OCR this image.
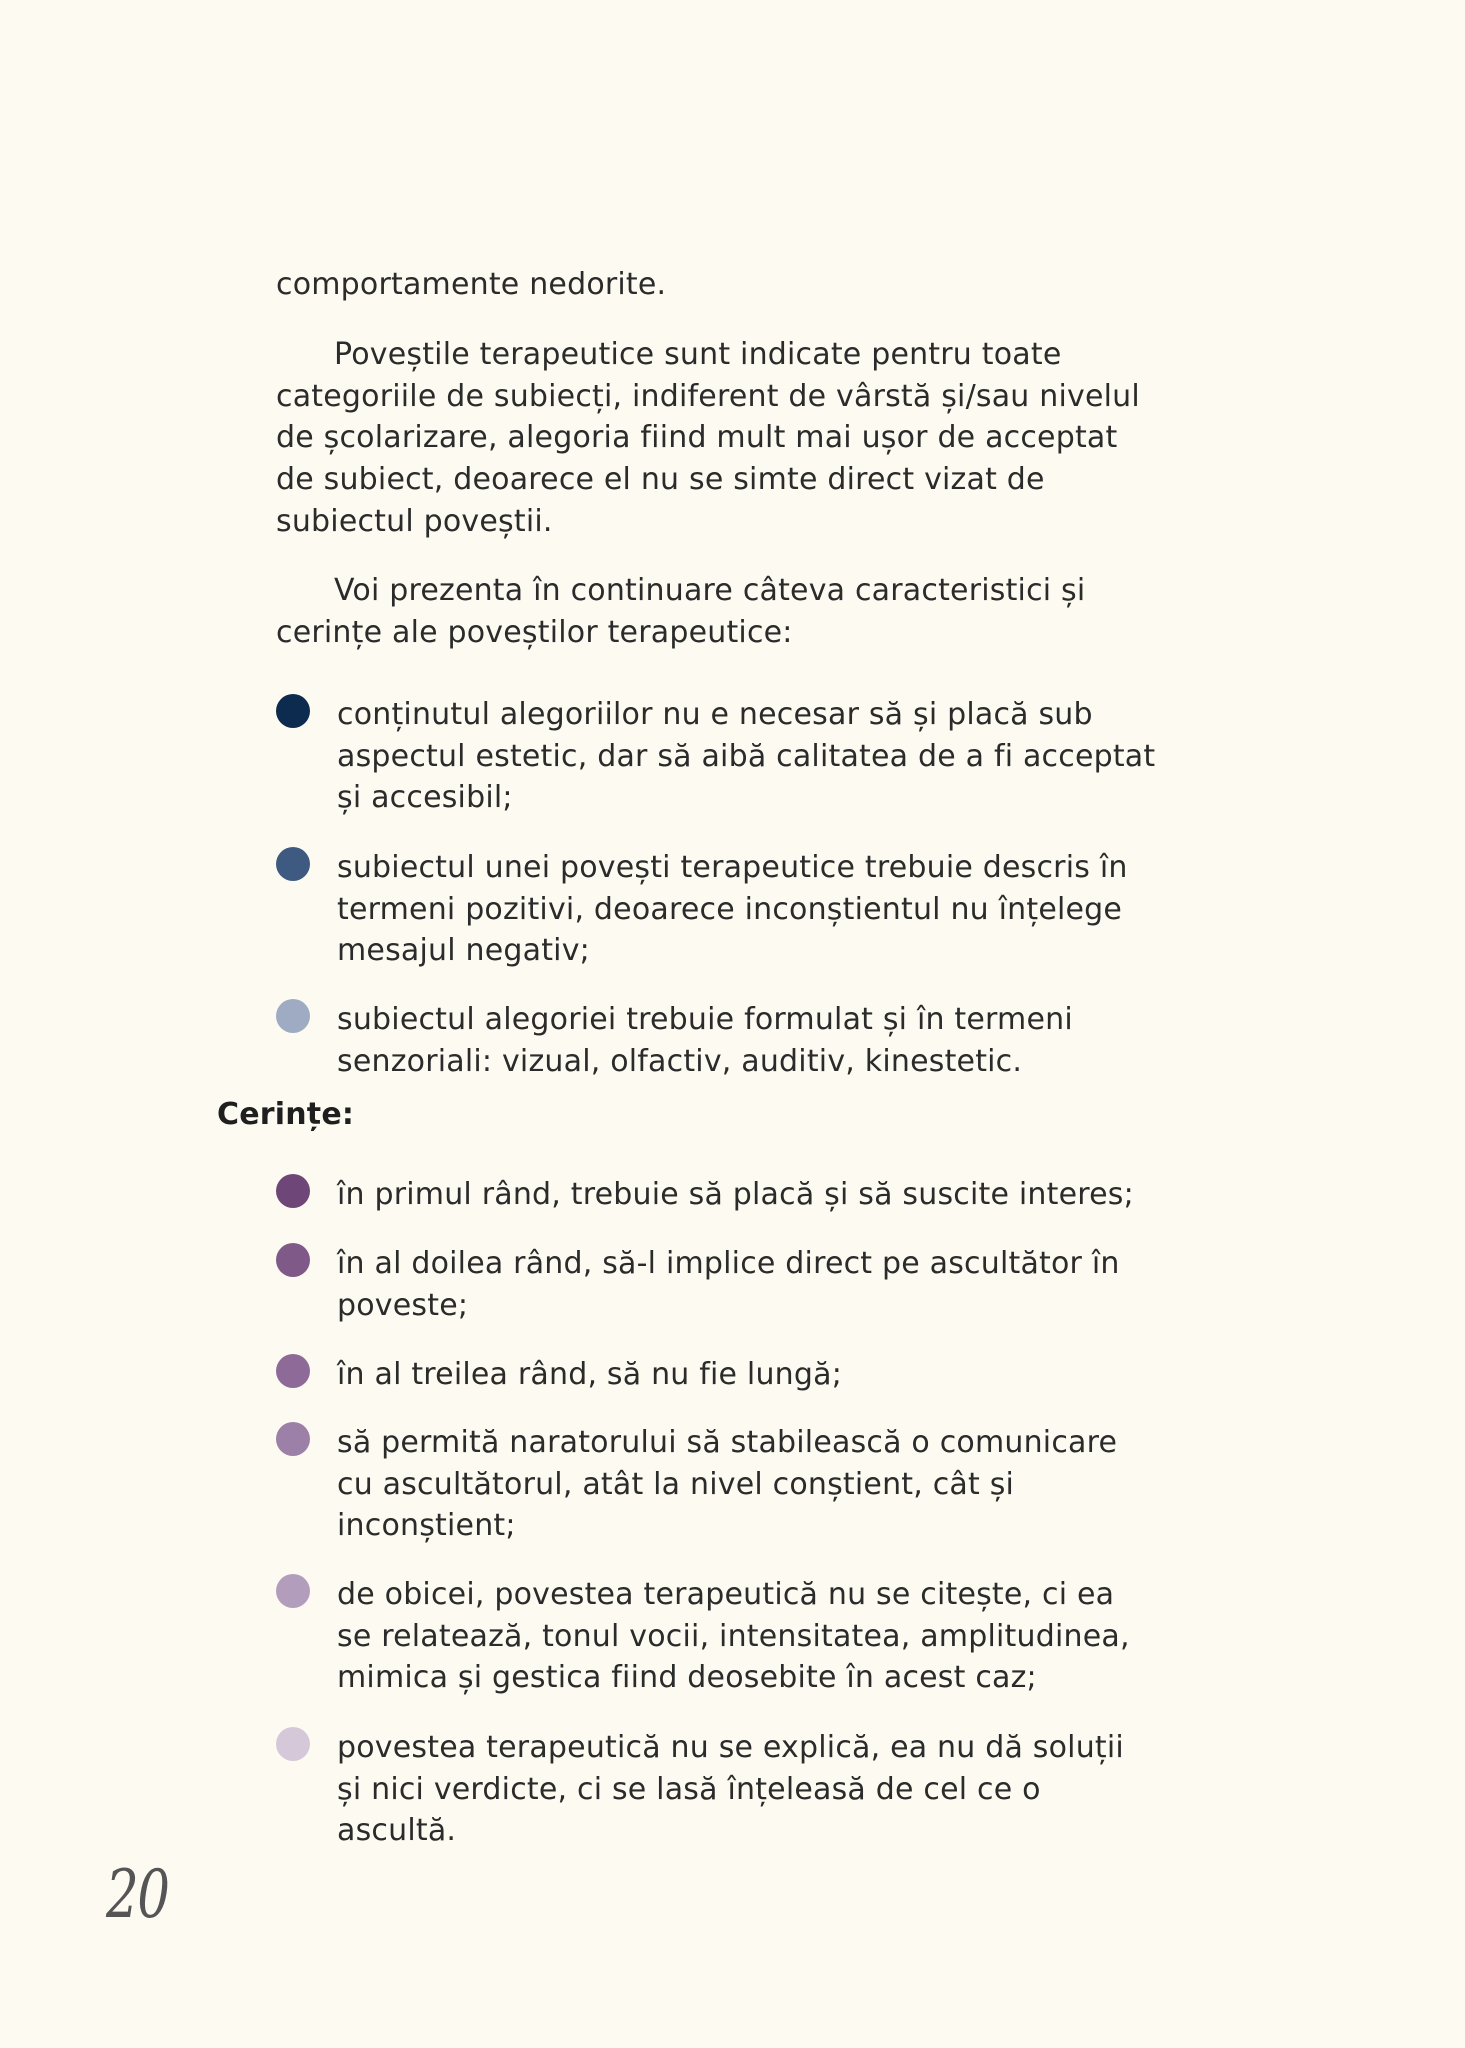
comportamente nedorite.

Poveștile terapeutice sunt indicate pentru toate categoriile de subiecți, indiferent de vârstă și/sau nivelul de școlarizare, alegoria fiind mult mai ușor de acceptat de subiect, deoarece el nu se simte direct vizat de subiectul poveștii.

Voi prezenta în continuare câteva caracteristici și cerințe ale poveștilor terapeutice:

conținutul alegoriilor nu e necesar să și placă sub aspectul estetic, dar să aibă calitatea de a fi acceptat și accesibil;

subiectul unei povești terapeutice trebuie descris în termeni pozitivi, deoarece inconștientul nu înțelege mesajul negativ;

subiectul alegoriei trebuie formulat și în termeni senzoriali: vizual, olfactiv, auditiv, kinestetic.

Cerințe:

în primul rând, trebuie să placă și să suscite interes;

în al doilea rând, să-l implice direct pe ascultător în poveste;

în al treilea rând, să nu fie lungă;

să permită naratorului să stabilească o comunicare cu ascultătorul, atât la nivel conștient, cât și inconștient;

de obicei, povestea terapeutică nu se citește, ci ea se relatează, tonul vocii, intensitatea, amplitudinea, mimica și gestica fiind deosebite în acest caz;

povestea terapeutică nu se explică, ea nu dă soluții și nici verdicte, ci se lasă înțeleasă de cel ce o ascultă.

20
